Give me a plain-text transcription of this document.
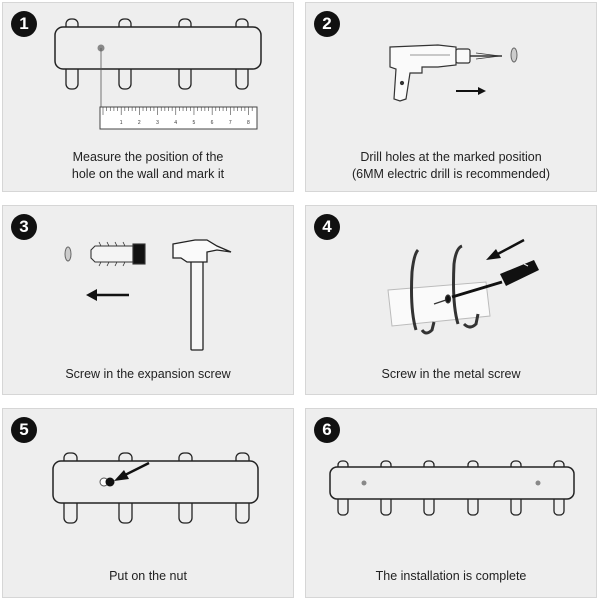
1
1	2	3	4	5	6	7	8
Measure the position of the
hole on the wall and mark it
2
Drill holes at the marked position
(6MM electric drill is recommended)
3
Screw in the expansion screw
4
Screw in the metal screw
5
Put on the nut
6
The installation is complete
